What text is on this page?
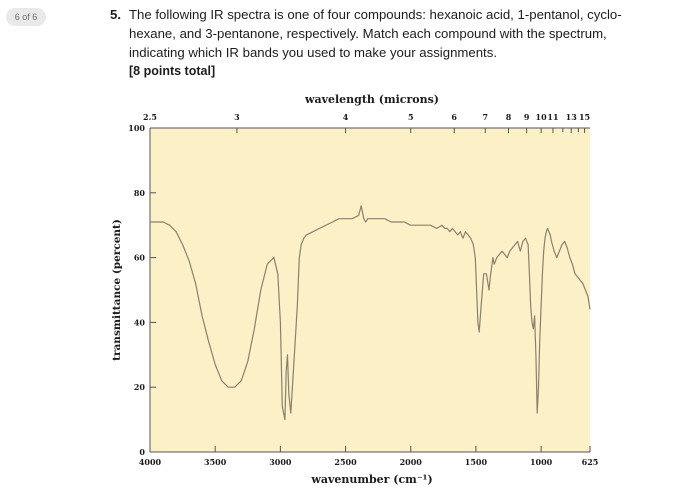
6 of 6	5. The following IR spectra is one of four compounds: hexanoic acid, 1-pentanol, cyclo- hexane, and 3-pentanone, respectively. Match each compound with the spectrum, indicating which IR bands you used to make your assignments.
[8 points total]
0
20
40
60
80
100
4000	3500	3000	2500	2000	1500	1000	625
2.5	3	4	5	6	7 8 9 10 11 13 15
wavelength (microns)
wavenumber (cm⁻¹)
transmittance (percent)
